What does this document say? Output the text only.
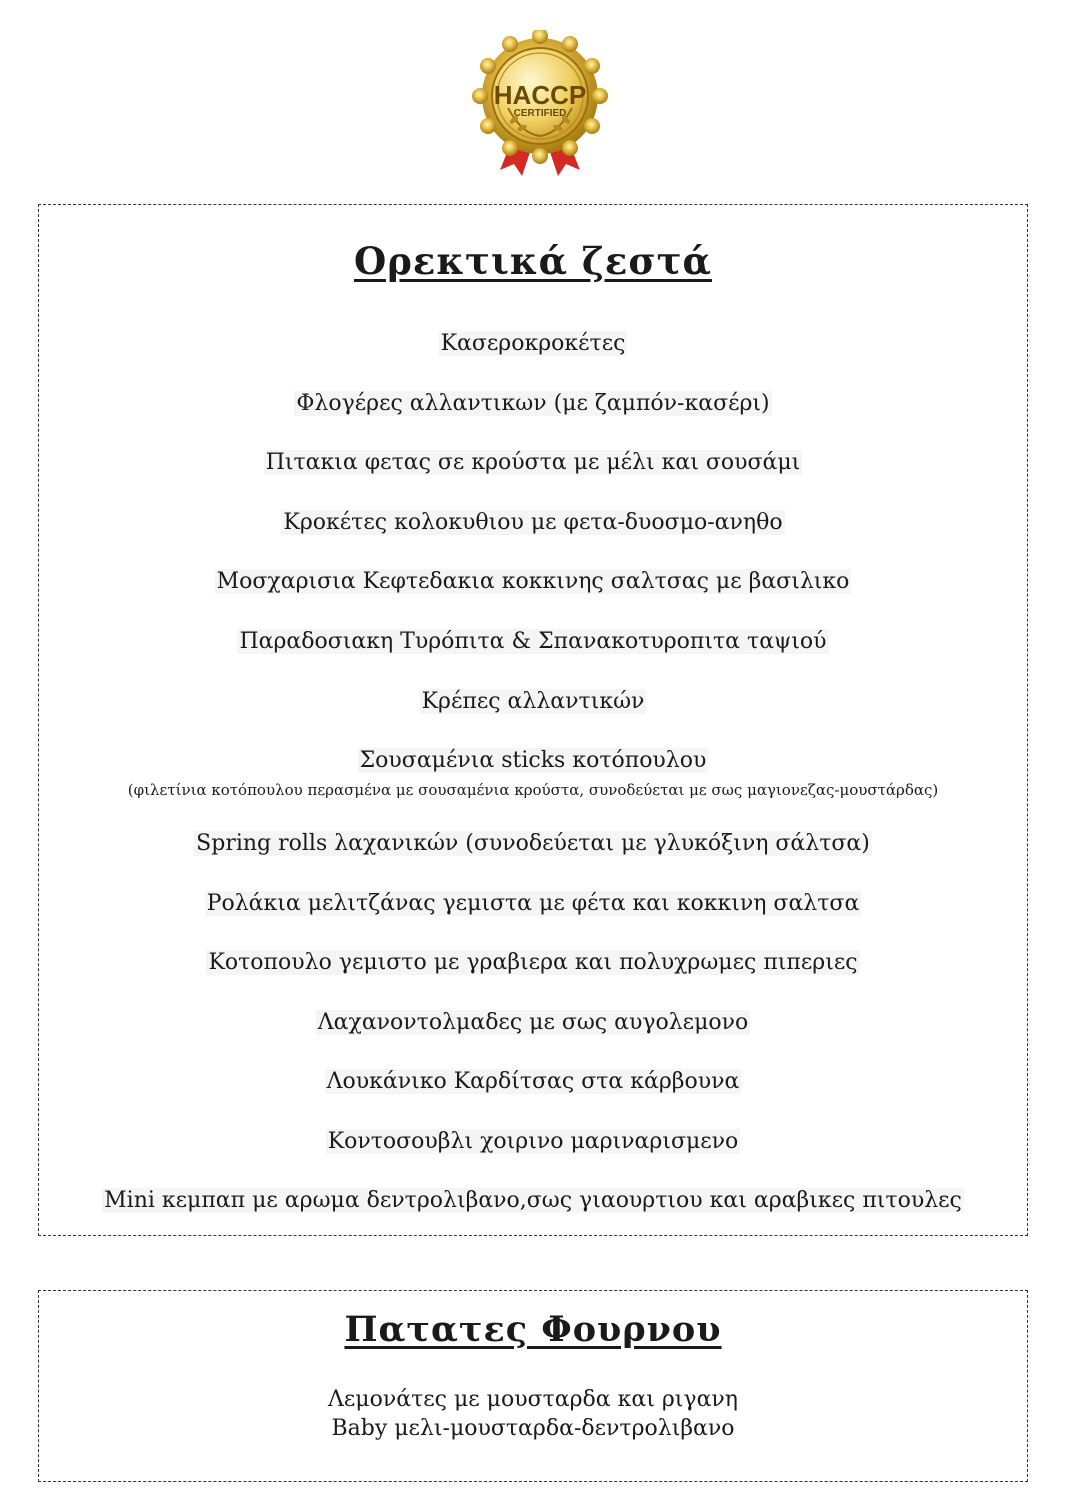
HACCP
CERTIFIED
Ορεκτικά ζεστά
Κασεροκροκέτες
Φλογέρες αλλαντικων (με ζαμπόν-κασέρι)
Πιτακια φετας σε κρούστα με μέλι και σουσάμι
Κροκέτες κολοκυθιου με φετα-δυοσμο-ανηθο
Μοσχαρισια Κεφτεδακια κοκκινης σαλτσας με βασιλικο
Παραδοσιακη Τυρόπιτα & Σπανακοτυροπιτα ταψιού
Κρέπες αλλαντικών
Σουσαμένια sticks κοτόπουλου
(φιλετίνια κοτόπουλου περασμένα με σουσαμένια κρούστα, συνοδεύεται με σως μαγιονεζας-μουστάρδας)
Spring rolls λαχανικών (συνοδεύεται με γλυκόξινη σάλτσα)
Ρολάκια μελιτζάνας γεμιστα με φέτα και κοκκινη σαλτσα
Κοτοπουλο γεμιστο με γραβιερα και πολυχρωμες πιπεριες
Λαχανοντολμαδες με σως αυγολεμονο
Λουκάνικο Καρδίτσας στα κάρβουνα
Κοντοσουβλι χοιρινο μαριναρισμενο
Mini κεμπαπ με αρωμα δεντρολιβανο,σως γιαουρτιου και αραβικες πιτουλες
Πατατες Φουρνου
Λεμονάτες με μουσταρδα και ριγανη
Baby μελι-μουσταρδα-δεντρολιβανο
